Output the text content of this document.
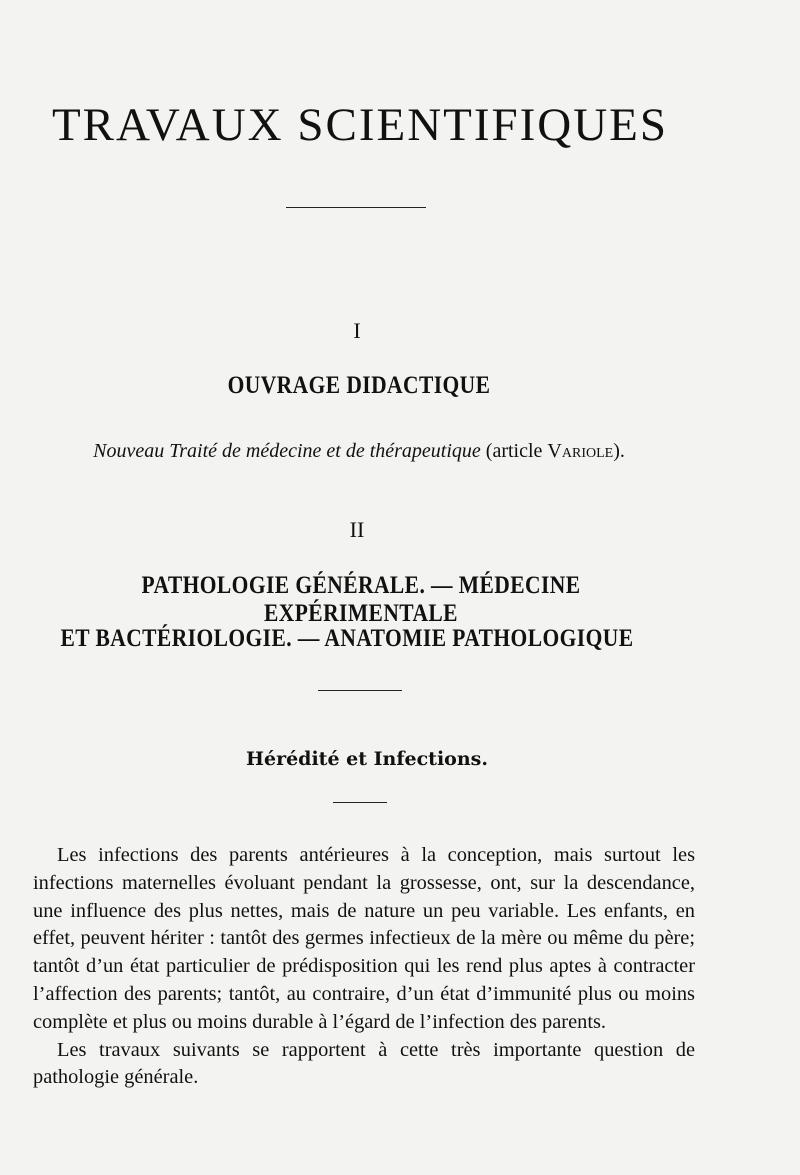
TRAVAUX SCIENTIFIQUES
I
OUVRAGE DIDACTIQUE
Nouveau Traité de médecine et de thérapeutique (article Variole).
II
PATHOLOGIE GÉNÉRALE. — MÉDECINE EXPÉRIMENTALE
ET BACTÉRIOLOGIE. — ANATOMIE PATHOLOGIQUE
Hérédité et Infections.

Les infections des parents antérieures à la conception, mais surtout les infections maternelles évoluant pendant la grossesse, ont, sur la descendance, une influence des plus nettes, mais de nature un peu variable. Les enfants, en effet, peuvent hériter : tantôt des germes infectieux de la mère ou même du père; tantôt d’un état particulier de prédisposition qui les rend plus aptes à contracter l’affection des parents; tantôt, au contraire, d’un état d’immunité plus ou moins complète et plus ou moins durable à l’égard de l’infection des parents.

Les travaux suivants se rapportent à cette très importante question de pathologie générale.
